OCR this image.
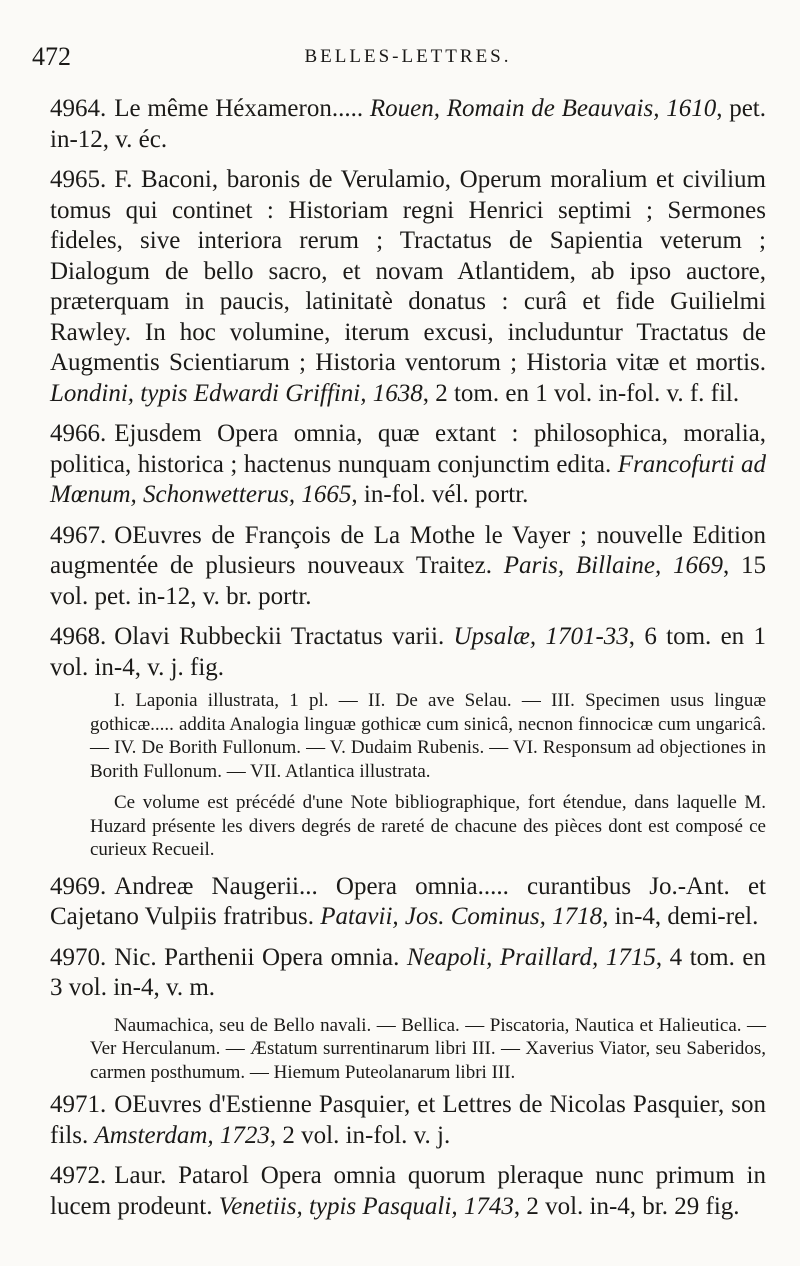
472	BELLES-LETTRES.

4964. Le même Héxameron..... Rouen, Romain de Beauvais, 1610, pet. in-12, v. éc.

4965. F. Baconi, baronis de Verulamio, Operum moralium et civilium tomus qui continet : Historiam regni Henrici septimi ; Sermones fideles, sive interiora rerum ; Tractatus de Sapientia veterum ; Dialogum de bello sacro, et novam Atlantidem, ab ipso auctore, præterquam in paucis, latinitatè donatus : curâ et fide Guilielmi Rawley. In hoc volumine, iterum excusi, includuntur Tractatus de Augmentis Scientiarum ; Historia ventorum ; Historia vitæ et mortis. Londini, typis Edwardi Griffini, 1638, 2 tom. en 1 vol. in-fol. v. f. fil.

4966. Ejusdem Opera omnia, quæ extant : philosophica, moralia, politica, historica ; hactenus nunquam conjunctim edita. Francofurti ad Mœnum, Schonwetterus, 1665, in-fol. vél. portr.

4967. OEuvres de François de La Mothe le Vayer ; nouvelle Edition augmentée de plusieurs nouveaux Traitez. Paris, Billaine, 1669, 15 vol. pet. in-12, v. br. portr.

4968. Olavi Rubbeckii Tractatus varii. Upsalæ, 1701-33, 6 tom. en 1 vol. in-4, v. j. fig.

I. Laponia illustrata, 1 pl. — II. De ave Selau. — III. Specimen usus linguæ gothicæ..... addita Analogia linguæ gothicæ cum sinicâ, necnon finnocicæ cum ungaricâ. — IV. De Borith Fullonum. — V. Dudaim Rubenis. — VI. Responsum ad objectiones in Borith Fullonum. — VII. Atlantica illustrata.

Ce volume est précédé d'une Note bibliographique, fort étendue, dans laquelle M. Huzard présente les divers degrés de rareté de chacune des pièces dont est composé ce curieux Recueil.

4969. Andreæ Naugerii... Opera omnia..... curantibus Jo.-Ant. et Cajetano Vulpiis fratribus. Patavii, Jos. Cominus, 1718, in-4, demi-rel.

4970. Nic. Parthenii Opera omnia. Neapoli, Praillard, 1715, 4 tom. en 3 vol. in-4, v. m.

Naumachica, seu de Bello navali. — Bellica. — Piscatoria, Nautica et Halieutica. — Ver Herculanum. — Æstatum surrentinarum libri III. — Xaverius Viator, seu Saberidos, carmen posthumum. — Hiemum Puteolanarum libri III.

4971. OEuvres d'Estienne Pasquier, et Lettres de Nicolas Pasquier, son fils. Amsterdam, 1723, 2 vol. in-fol. v. j.

4972. Laur. Patarol Opera omnia quorum pleraque nunc primum in lucem prodeunt. Venetiis, typis Pasquali, 1743, 2 vol. in-4, br. 29 fig.
